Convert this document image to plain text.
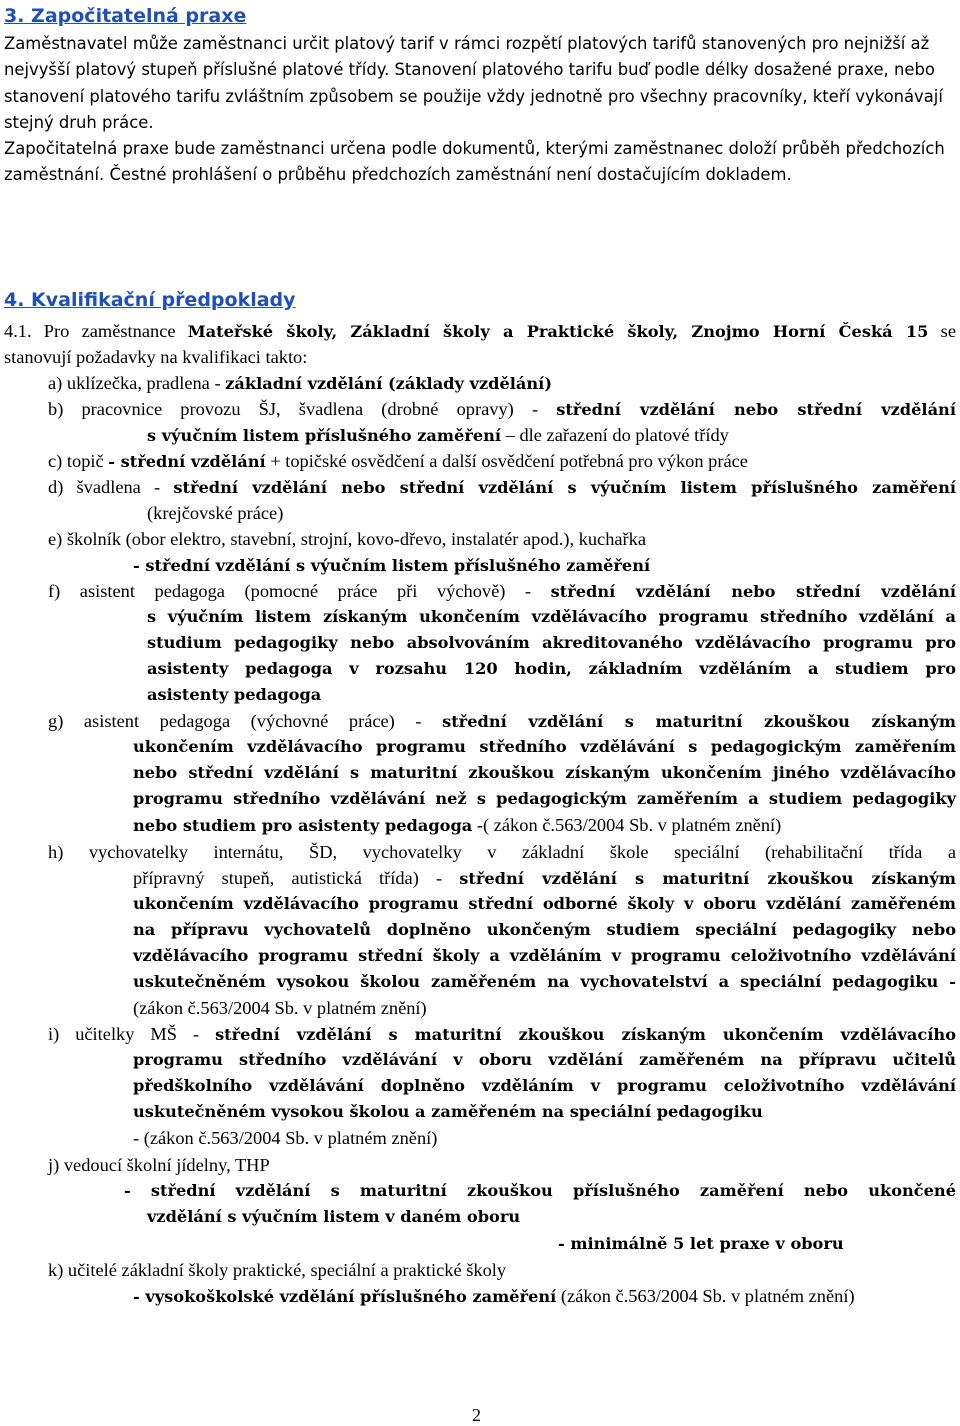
3. Započitatelná praxe
Zaměstnavatel může zaměstnanci určit platový tarif v rámci rozpětí platových tarifů stanovených pro nejnižší až nejvyšší platový stupeň příslušné platové třídy. Stanovení platového tarifu buď podle délky dosažené praxe, nebo stanovení platového tarifu zvláštním způsobem se použije vždy jednotně pro všechny pracovníky, kteří vykonávají stejný druh práce.
Započitatelná praxe bude zaměstnanci určena podle dokumentů, kterými zaměstnanec doloží průběh předchozích zaměstnání. Čestné prohlášení o průběhu předchozích zaměstnání není dostačujícím dokladem.
4. Kvalifikační předpoklady
4.1. Pro zaměstnance Mateřské školy, Základní školy a Praktické školy, Znojmo Horní Česká 15 se
stanovují požadavky na kvalifikaci takto:
a) uklízečka, pradlena - základní vzdělání (základy vzdělání)
b) pracovnice provozu ŠJ, švadlena (drobné opravy) - střední vzdělání nebo střední vzdělání
s výučním listem příslušného zaměření – dle zařazení do platové třídy
c) topič - střední vzdělání + topičské osvědčení a další osvědčení potřebná pro výkon práce
d) švadlena - střední vzdělání nebo střední vzdělání s výučním listem příslušného zaměření
(krejčovské práce)
e) školník (obor elektro, stavební, strojní, kovo-dřevo, instalatér apod.), kuchařka
- střední vzdělání s výučním listem příslušného zaměření
f) asistent pedagoga (pomocné práce při výchově) - střední vzdělání nebo střední vzdělání
s výučním listem získaným ukončením vzdělávacího programu středního vzdělání a
studium pedagogiky nebo absolvováním akreditovaného vzdělávacího programu pro
asistenty pedagoga v rozsahu 120 hodin, základním vzděláním a studiem pro
asistenty pedagoga
g) asistent pedagoga (výchovné práce) - střední vzdělání s maturitní zkouškou získaným
ukončením vzdělávacího programu středního vzdělávání s pedagogickým zaměřením
nebo střední vzdělání s maturitní zkouškou získaným ukončením jiného vzdělávacího
programu středního vzdělávání než s pedagogickým zaměřením a studiem pedagogiky
nebo studiem pro asistenty pedagoga -( zákon č.563/2004 Sb. v platném znění)
h) vychovatelky internátu, ŠD, vychovatelky v základní škole speciální (rehabilitační třída a
přípravný stupeň, autistická třída) - střední vzdělání s maturitní zkouškou získaným
ukončením vzdělávacího programu střední odborné školy v oboru vzdělání zaměřeném
na přípravu vychovatelů doplněno ukončeným studiem speciální pedagogiky nebo
vzdělávacího programu střední školy a vzděláním v programu celoživotního vzdělávání
uskutečněném vysokou školou zaměřeném na vychovatelství a speciální pedagogiku -
(zákon č.563/2004 Sb. v platném znění)
i) učitelky MŠ - střední vzdělání s maturitní zkouškou získaným ukončením vzdělávacího
programu středního vzdělávání v oboru vzdělání zaměřeném na přípravu učitelů
předškolního vzdělávání doplněno vzděláním v programu celoživotního vzdělávání
uskutečněném vysokou školou a zaměřeném na speciální pedagogiku
- (zákon č.563/2004 Sb. v platném znění)
j) vedoucí školní jídelny, THP
- střední vzdělání s maturitní zkouškou příslušného zaměření nebo ukončené
vzdělání s výučním listem v daném oboru
- minimálně 5 let praxe v oboru
k) učitelé základní školy praktické, speciální a praktické školy
- vysokoškolské vzdělání příslušného zaměření (zákon č.563/2004 Sb. v platném znění)
2
